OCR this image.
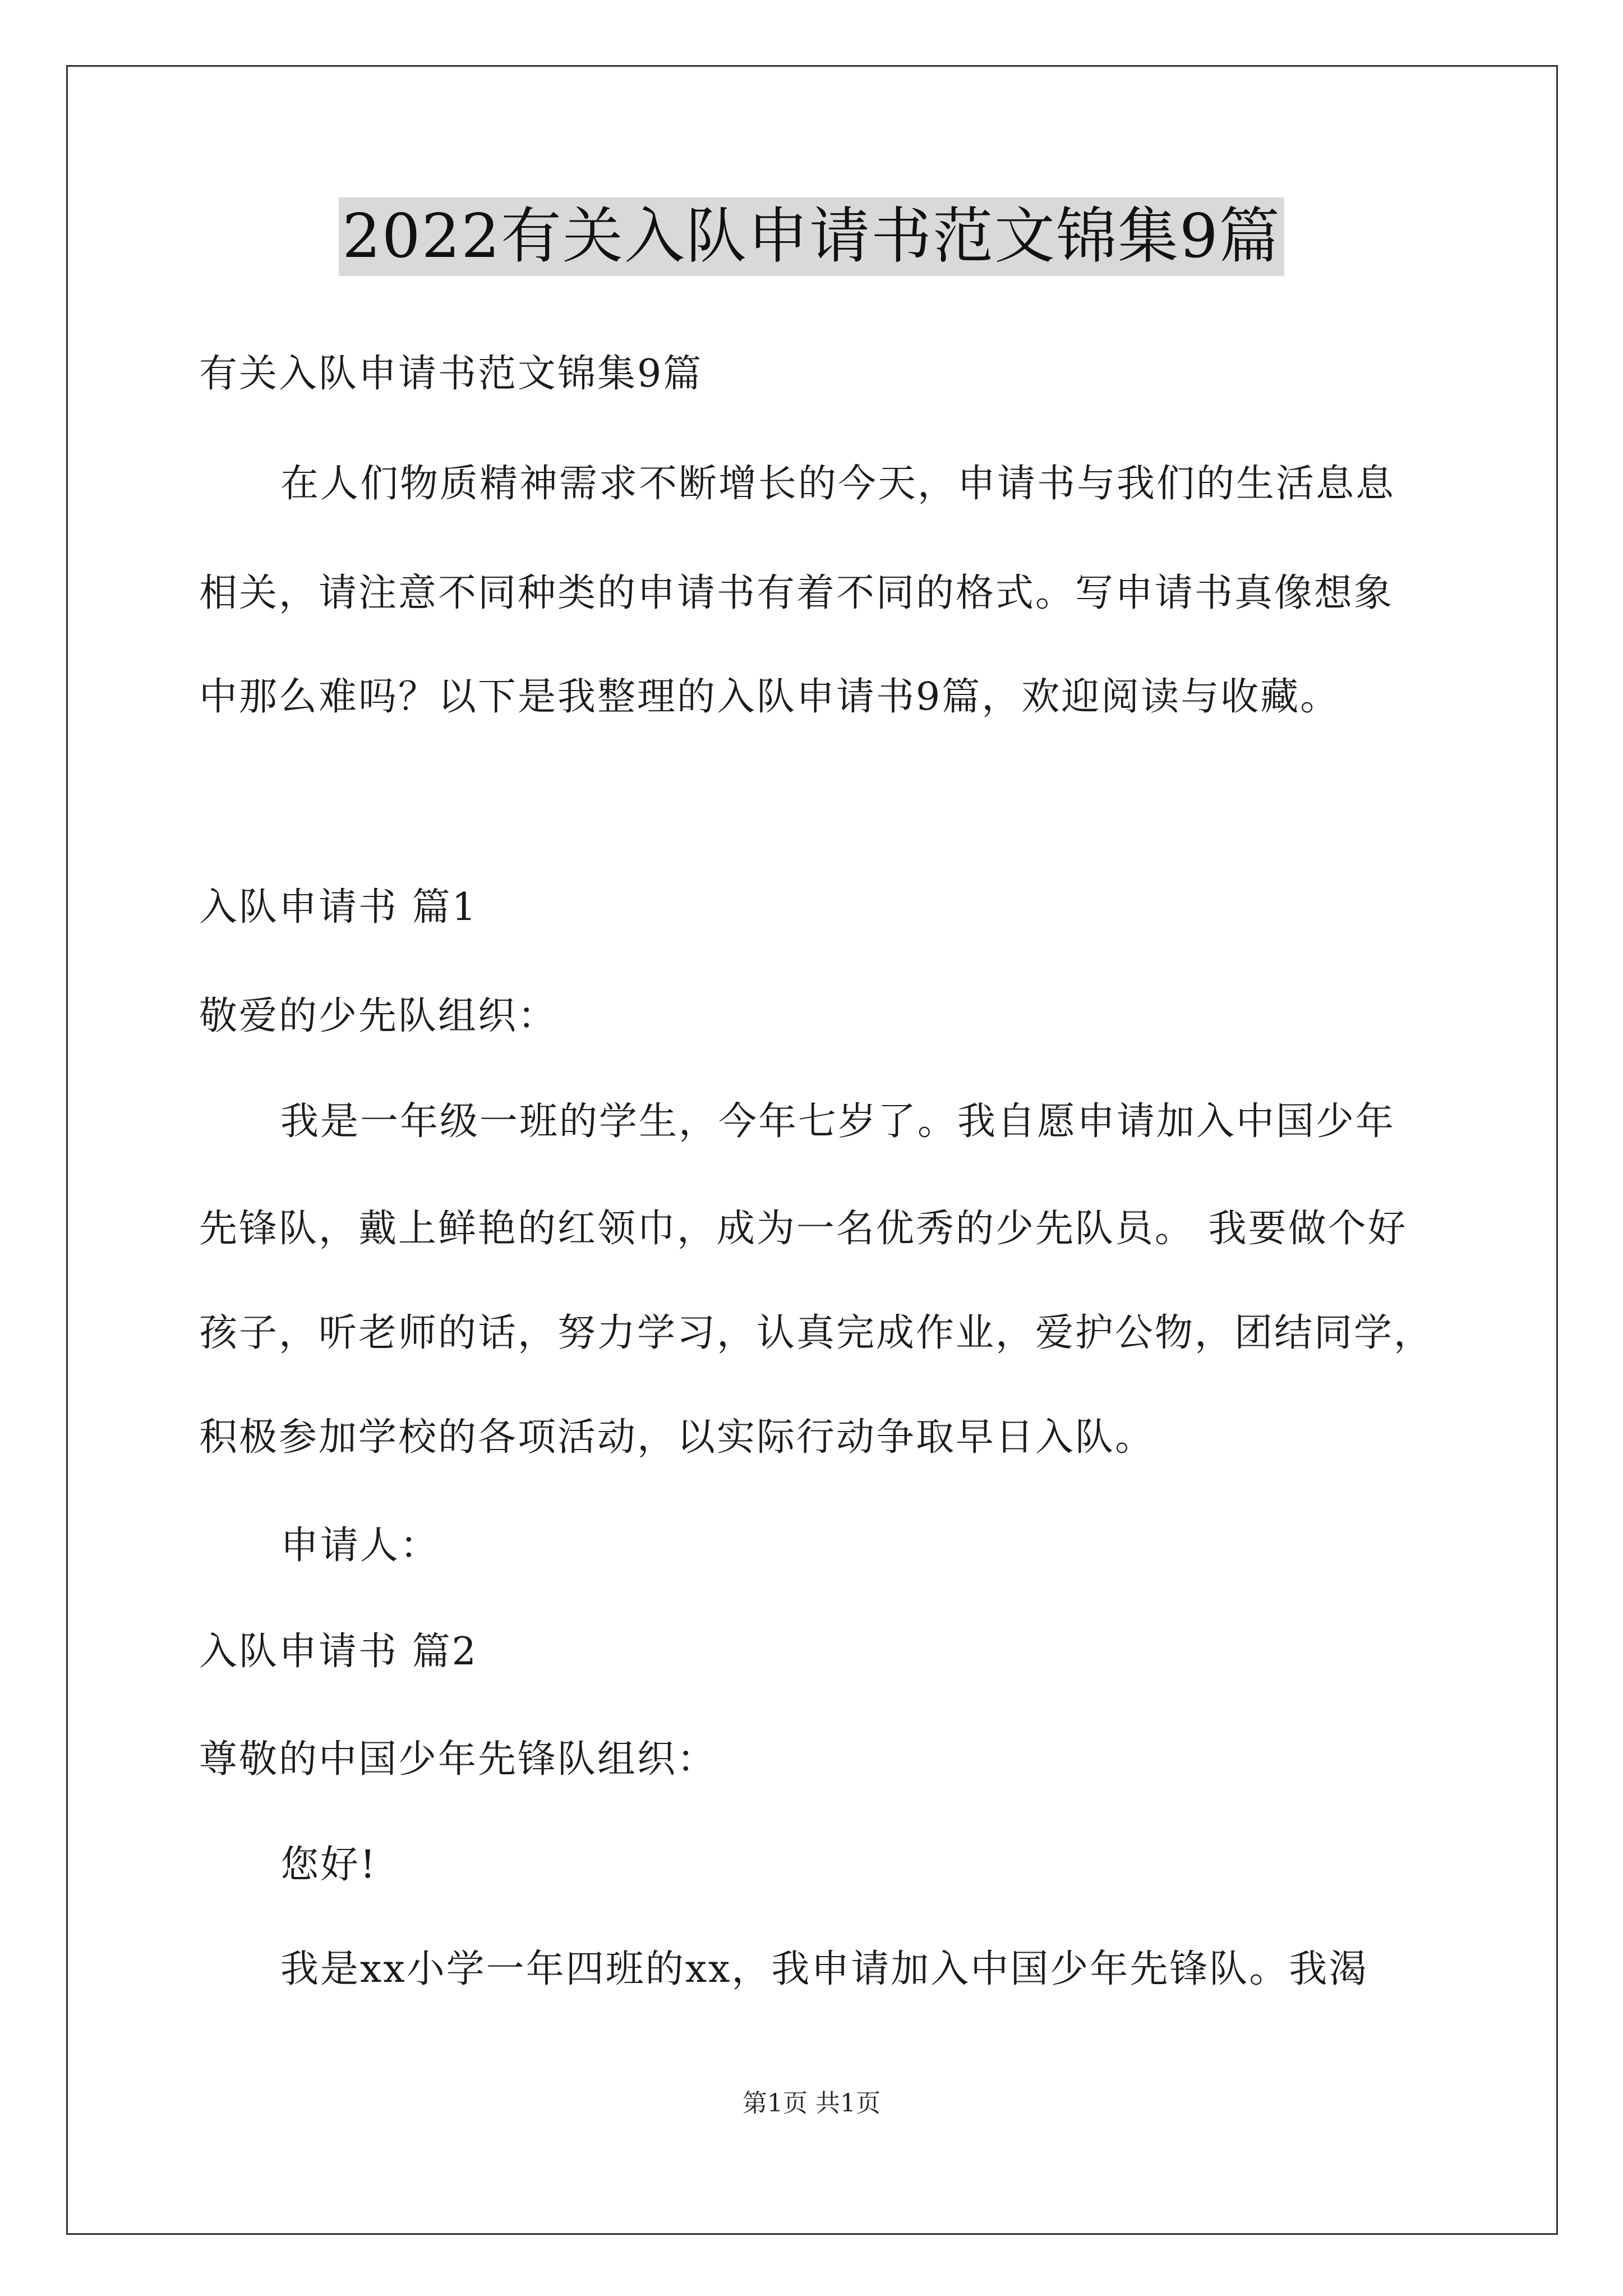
2022有关入队申请书范文锦集9篇
有关入队申请书范文锦集9篇
在人们物质精神需求不断增长的今天，申请书与我们的生活息息
相关，请注意不同种类的申请书有着不同的格式。写申请书真像想象
中那么难吗？以下是我整理的入队申请书9篇，欢迎阅读与收藏。
入队申请书 篇1
敬爱的少先队组织：
我是一年级一班的学生，今年七岁了。我自愿申请加入中国少年
先锋队，戴上鲜艳的红领巾，成为一名优秀的少先队员。 我要做个好
孩子，听老师的话，努力学习，认真完成作业，爱护公物，团结同学，
积极参加学校的各项活动，以实际行动争取早日入队。
申请人：
入队申请书 篇2
尊敬的中国少年先锋队组织：
您好!
我是xx小学一年四班的xx，我申请加入中国少年先锋队。我渴
第1页 共1页
